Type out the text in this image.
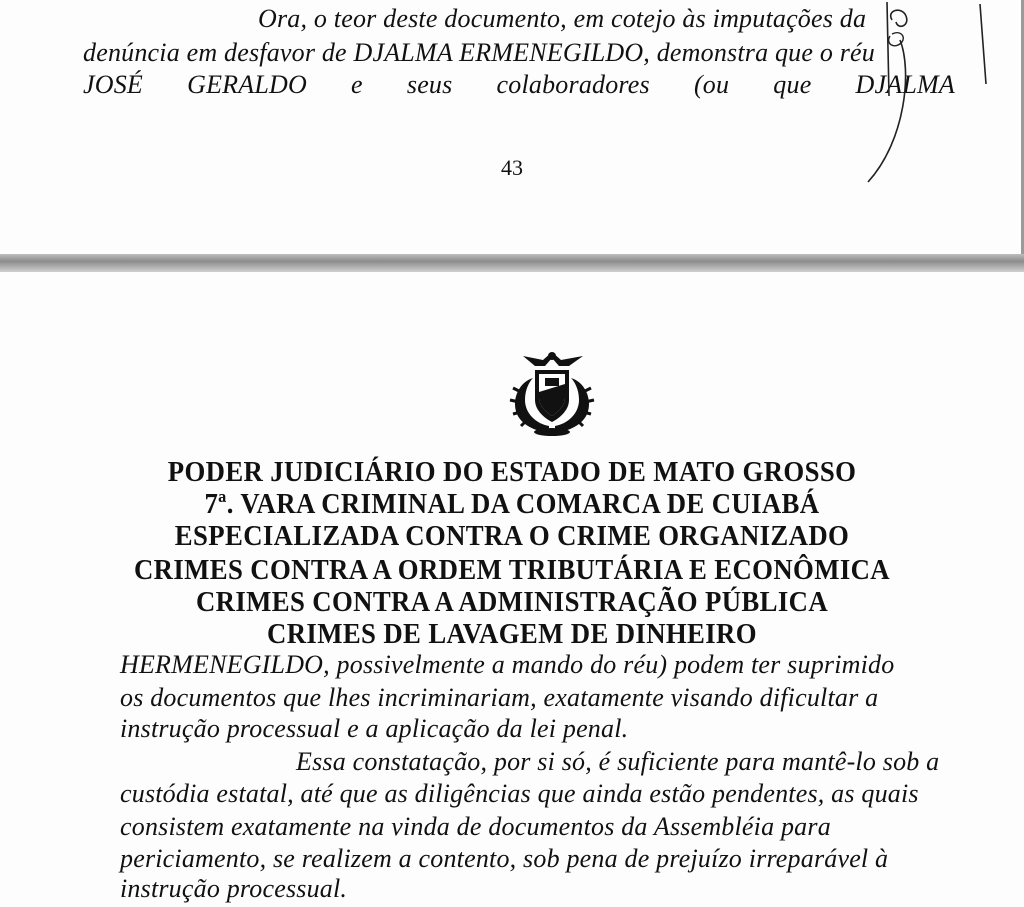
Ora, o teor deste documento, em cotejo às imputações da
denúncia em desfavor de DJALMA ERMENEGILDO, demonstra que o réu
JOSÉ GERALDO e seus colaboradores (ou que DJALMA
43
PODER JUDICIÁRIO DO ESTADO DE MATO GROSSO
7ª. VARA CRIMINAL DA COMARCA DE CUIABÁ
ESPECIALIZADA CONTRA O CRIME ORGANIZADO
CRIMES CONTRA A ORDEM TRIBUTÁRIA E ECONÔMICA
CRIMES CONTRA A ADMINISTRAÇÃO PÚBLICA
CRIMES DE LAVAGEM DE DINHEIRO
HERMENEGILDO, possivelmente a mando do réu) podem ter suprimido
os documentos que lhes incriminariam, exatamente visando dificultar a
instrução processual e a aplicação da lei penal.
Essa constatação, por si só, é suficiente para mantê-lo sob a
custódia estatal, até que as diligências que ainda estão pendentes, as quais
consistem exatamente na vinda de documentos da Assembléia para
periciamento, se realizem a contento, sob pena de prejuízo irreparável à
instrução processual.
